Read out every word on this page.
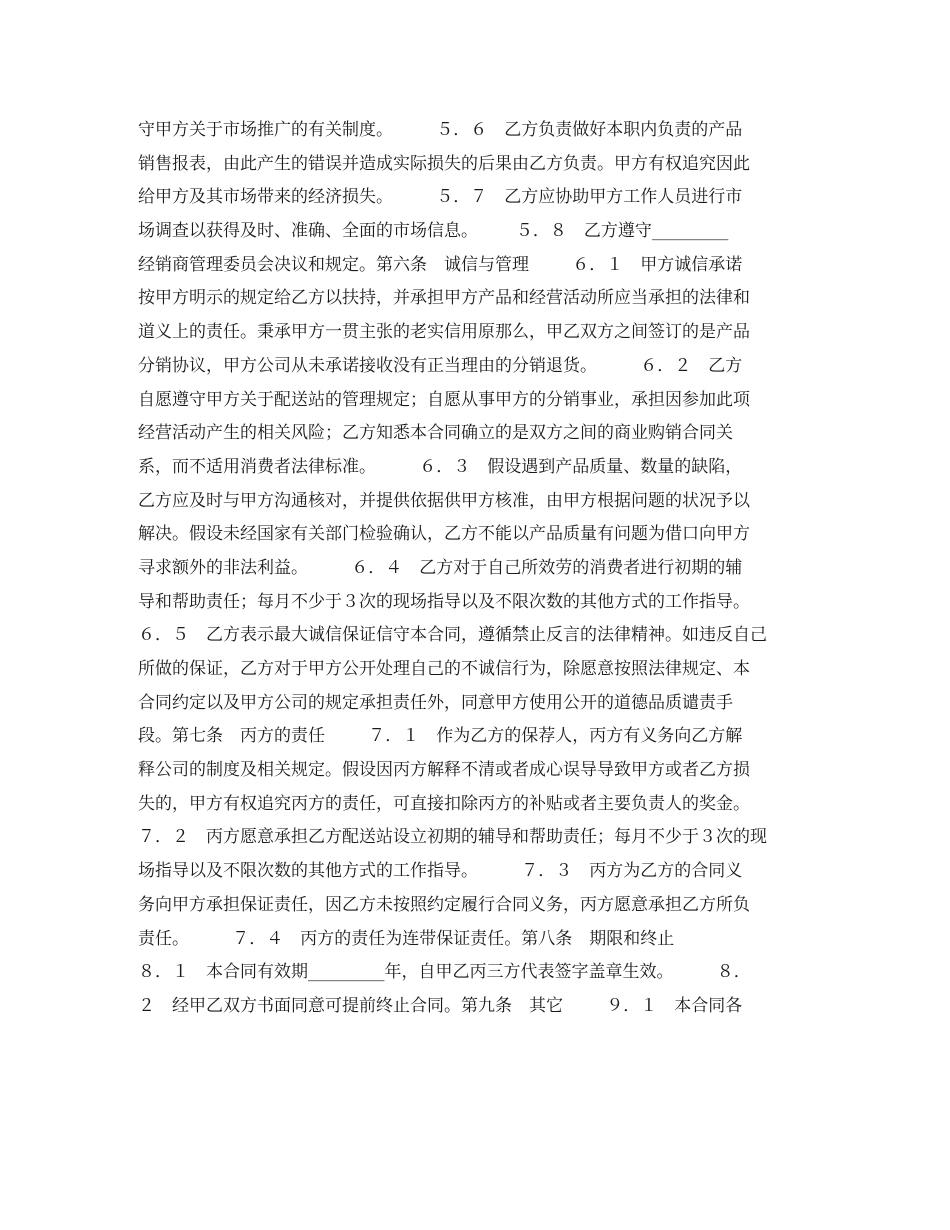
守甲方关于市场推广的有关制度。        ５．６　乙方负责做好本职内负责的产品
销售报表，由此产生的错误并造成实际损失的后果由乙方负责。甲方有权追究因此
给甲方及其市场带来的经济损失。        ５．７　乙方应协助甲方工作人员进行市
场调查以获得及时、准确、全面的市场信息。       ５．８　乙方遵守_________
经销商管理委员会决议和规定。第六条　诚信与管理        ６．１　甲方诚信承诺
按甲方明示的规定给乙方以扶持，并承担甲方产品和经营活动所应当承担的法律和
道义上的责任。秉承甲方一贯主张的老实信用原那么，甲乙双方之间签订的是产品
分销协议，甲方公司从未承诺接收没有正当理由的分销退货。        ６．２　乙方
自愿遵守甲方关于配送站的管理规定；自愿从事甲方的分销事业，承担因参加此项
经营活动产生的相关风险；乙方知悉本合同确立的是双方之间的商业购销合同关
系，而不适用消费者法律标准。        ６．３　假设遇到产品质量、数量的缺陷，
乙方应及时与甲方沟通核对，并提供依据供甲方核准，由甲方根据问题的状况予以
解决。假设未经国家有关部门检验确认，乙方不能以产品质量有问题为借口向甲方
寻求额外的非法利益。        ６．４　乙方对于自己所效劳的消费者进行初期的辅
导和帮助责任；每月不少于３次的现场指导以及不限次数的其他方式的工作指导。
６．５　乙方表示最大诚信保证信守本合同，遵循禁止反言的法律精神。如违反自己
所做的保证，乙方对于甲方公开处理自己的不诚信行为，除愿意按照法律规定、本
合同约定以及甲方公司的规定承担责任外，同意甲方使用公开的道德品质谴责手
段。第七条　丙方的责任        ７．１　作为乙方的保荐人，丙方有义务向乙方解
释公司的制度及相关规定。假设因丙方解释不清或者成心误导导致甲方或者乙方损
失的，甲方有权追究丙方的责任，可直接扣除丙方的补贴或者主要负责人的奖金。
７．２　丙方愿意承担乙方配送站设立初期的辅导和帮助责任；每月不少于３次的现
场指导以及不限次数的其他方式的工作指导。        ７．３　丙方为乙方的合同义
务向甲方承担保证责任，因乙方未按照约定履行合同义务，丙方愿意承担乙方所负
责任。        ７．４　丙方的责任为连带保证责任。第八条　期限和终止
８．１　本合同有效期_________年，自甲乙丙三方代表签字盖章生效。        ８．
２　经甲乙双方书面同意可提前终止合同。第九条　其它        ９．１　本合同各
